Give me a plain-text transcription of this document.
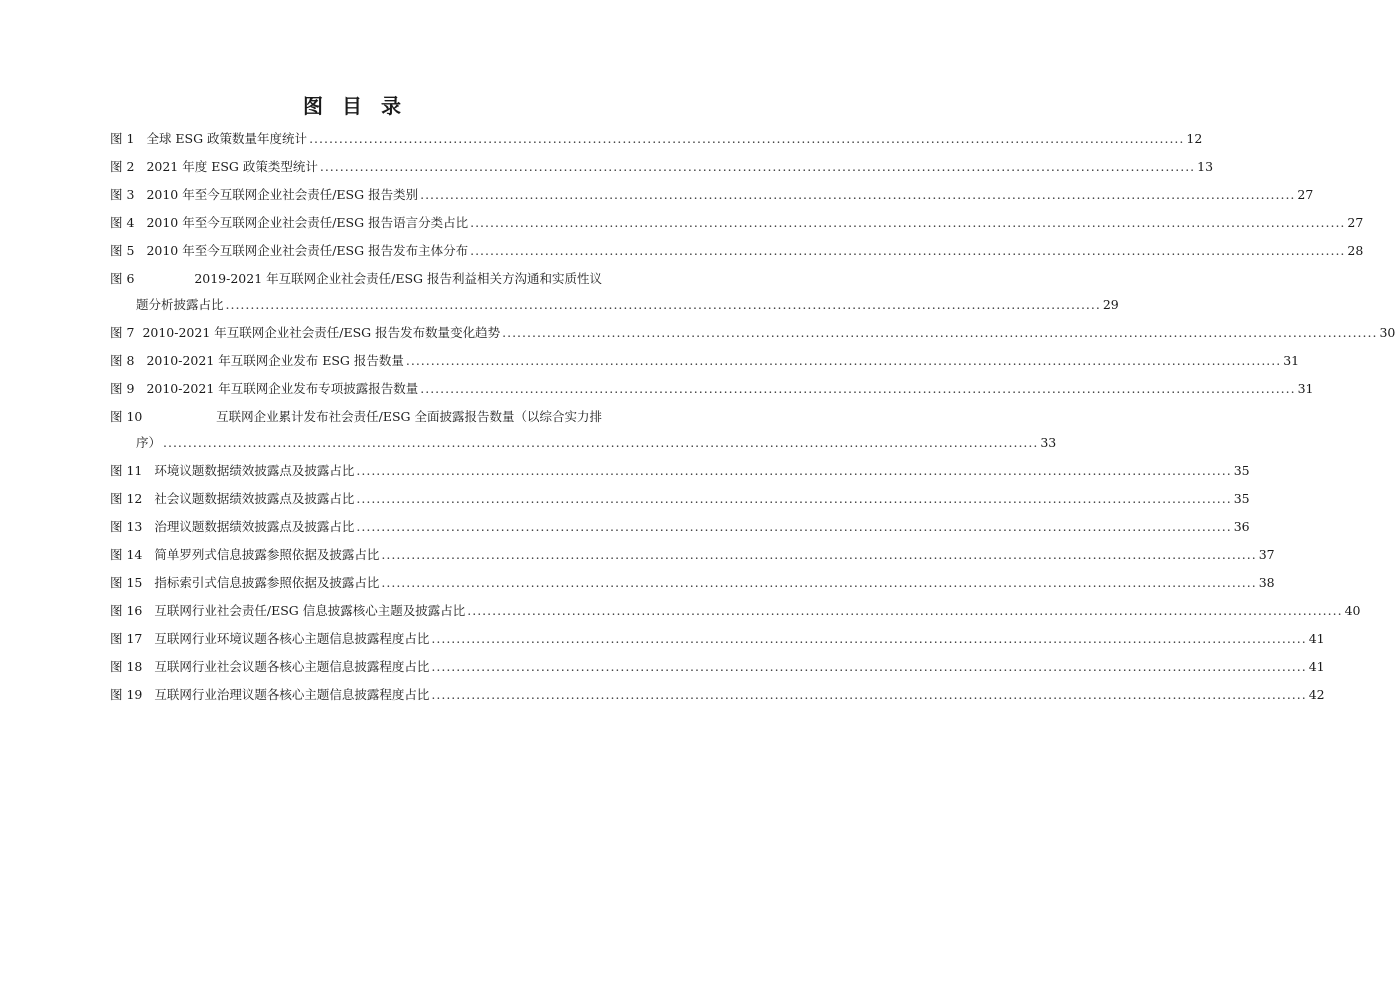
图 目 录
图 1 全球 ESG 政策数量年度统计 .....	12
图 2 2021 年度 ESG 政策类型统计 .....	13
图 3 2010 年至今互联网企业社会责任/ESG 报告类别 .....	27
图 4 2010 年至今互联网企业社会责任/ESG 报告语言分类占比 .....	27
图 5 2010 年至今互联网企业社会责任/ESG 报告发布主体分布 .....	28
图 6	2019-2021 年互联网企业社会责任/ESG 报告利益相关方沟通和实质性议
题分析披露占比 .....	29
图 7 2010-2021 年互联网企业社会责任/ESG 报告发布数量变化趋势 .....	30
图 8 2010-2021 年互联网企业发布 ESG 报告数量 .....	31
图 9 2010-2021 年互联网企业发布专项披露报告数量 .....	31
图 10	互联网企业累计发布社会责任/ESG 全面披露报告数量（以综合实力排
序） .....	33
图 11 环境议题数据绩效披露点及披露占比 .....	35
图 12 社会议题数据绩效披露点及披露占比 .....	35
图 13 治理议题数据绩效披露点及披露占比 .....	36
图 14 简单罗列式信息披露参照依据及披露占比 .....	37
图 15 指标索引式信息披露参照依据及披露占比 .....	38
图 16 互联网行业社会责任/ESG 信息披露核心主题及披露占比 .....	40
图 17 互联网行业环境议题各核心主题信息披露程度占比 .....	41
图 18 互联网行业社会议题各核心主题信息披露程度占比 .....	41
图 19 互联网行业治理议题各核心主题信息披露程度占比 .....	42
